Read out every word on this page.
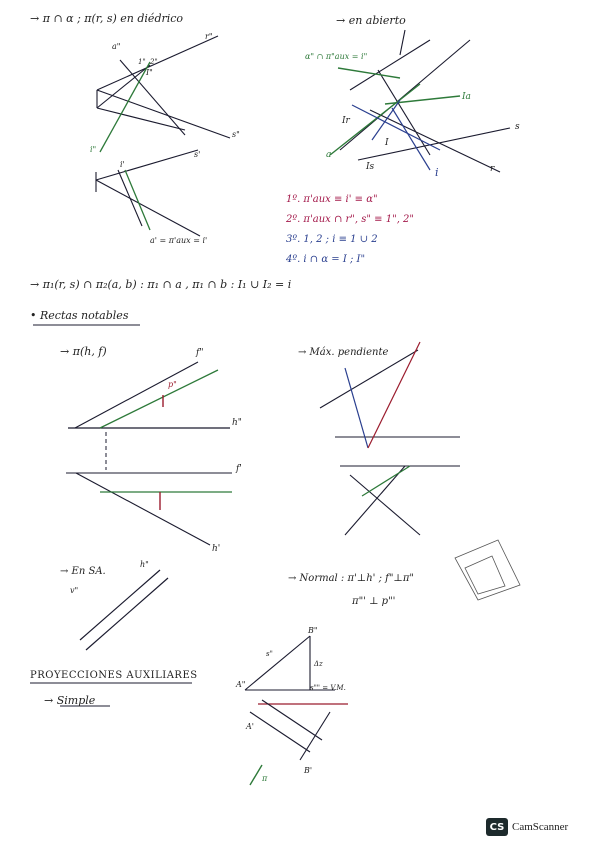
→ π ∩ α ; π(r, s) en diédrico	→ en abierto
α" ∩ π"aux = i"
1º. π'aux ≡ i' ≡ α"
2º. π'aux ∩ r", s" ≡ 1", 2"
3º. 1, 2 ; i ≡ 1 ∪ 2
4º. i ∩ α = I ; I"
→ π₁(r, s) ∩ π₂(a, b) : π₁ ∩ a , π₁ ∩ b : I₁ ∪ I₂ = i
• Rectas notables
→ π(h, f)	→ Máx. pendiente
→ En SA.
→ Normal : π'⊥h' ; f"⊥π"
π"' ⊥ p"'
PROYECCIONES AUXILIARES
→ Simple
a"
r"
s"
i"
I"
1" 2"
s'
i'
a' = π'aux = i'
a
Is
Ir
I
Ia
i	r
s
f"
h"
f'
h'
p"
v"
h"
B"
A"
A'
B'
Δz
s"
s"" = V.M.
π
CS CamScanner
